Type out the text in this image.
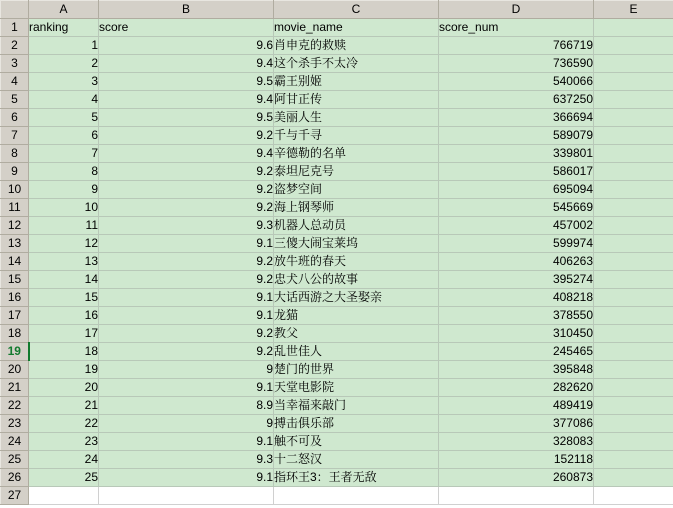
	A	B	C	D	E
1	ranking	score	movie_name	score_num	
2	1	9.6	肖申克的救赎	766719	
3	2	9.4	这个杀手不太冷	736590	
4	3	9.5	霸王别姬	540066	
5	4	9.4	阿甘正传	637250	
6	5	9.5	美丽人生	366694	
7	6	9.2	千与千寻	589079	
8	7	9.4	辛德勒的名单	339801	
9	8	9.2	泰坦尼克号	586017	
10	9	9.2	盗梦空间	695094	
11	10	9.2	海上钢琴师	545669	
12	11	9.3	机器人总动员	457002	
13	12	9.1	三傻大闹宝莱坞	599974	
14	13	9.2	放牛班的春天	406263	
15	14	9.2	忠犬八公的故事	395274	
16	15	9.1	大话西游之大圣娶亲	408218	
17	16	9.1	龙猫	378550	
18	17	9.2	教父	310450	
19	18	9.2	乱世佳人	245465	
20	19	9	楚门的世界	395848	
21	20	9.1	天堂电影院	282620	
22	21	8.9	当幸福来敲门	489419	
23	22	9	搏击俱乐部	377086	
24	23	9.1	触不可及	328083	
25	24	9.3	十二怒汉	152118	
26	25	9.1	指环王3：王者无敌	260873	
27					
